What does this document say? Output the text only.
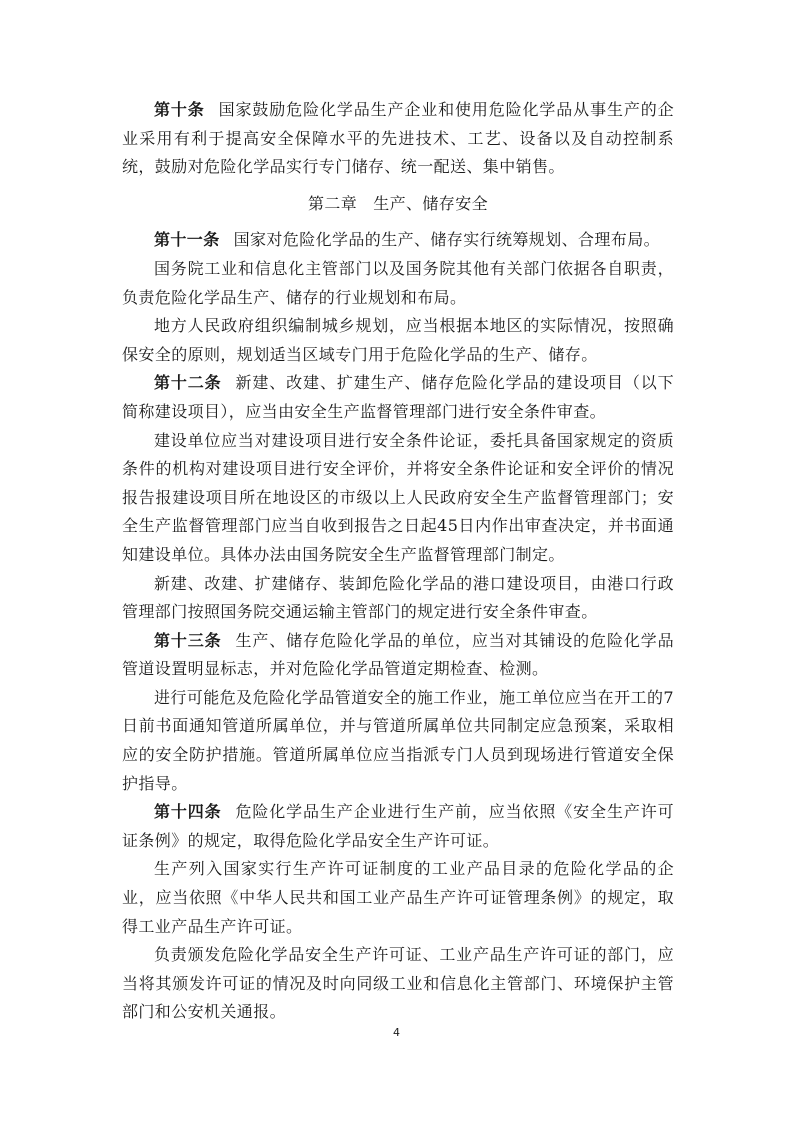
第十条 国家鼓励危险化学品生产企业和使用危险化学品从事生产的企业采用有利于提高安全保障水平的先进技术、工艺、设备以及自动控制系统，鼓励对危险化学品实行专门储存、统一配送、集中销售。

第二章 生产、储存安全

第十一条 国家对危险化学品的生产、储存实行统筹规划、合理布局。

国务院工业和信息化主管部门以及国务院其他有关部门依据各自职责，负责危险化学品生产、储存的行业规划和布局。

地方人民政府组织编制城乡规划，应当根据本地区的实际情况，按照确保安全的原则，规划适当区域专门用于危险化学品的生产、储存。

第十二条 新建、改建、扩建生产、储存危险化学品的建设项目（以下简称建设项目），应当由安全生产监督管理部门进行安全条件审查。

建设单位应当对建设项目进行安全条件论证，委托具备国家规定的资质条件的机构对建设项目进行安全评价，并将安全条件论证和安全评价的情况报告报建设项目所在地设区的市级以上人民政府安全生产监督管理部门；安全生产监督管理部门应当自收到报告之日起45日内作出审查决定，并书面通知建设单位。具体办法由国务院安全生产监督管理部门制定。

新建、改建、扩建储存、装卸危险化学品的港口建设项目，由港口行政管理部门按照国务院交通运输主管部门的规定进行安全条件审查。

第十三条 生产、储存危险化学品的单位，应当对其铺设的危险化学品管道设置明显标志，并对危险化学品管道定期检查、检测。

进行可能危及危险化学品管道安全的施工作业，施工单位应当在开工的7日前书面通知管道所属单位，并与管道所属单位共同制定应急预案，采取相应的安全防护措施。管道所属单位应当指派专门人员到现场进行管道安全保护指导。

第十四条 危险化学品生产企业进行生产前，应当依照《安全生产许可证条例》的规定，取得危险化学品安全生产许可证。

生产列入国家实行生产许可证制度的工业产品目录的危险化学品的企业，应当依照《中华人民共和国工业产品生产许可证管理条例》的规定，取得工业产品生产许可证。

负责颁发危险化学品安全生产许可证、工业产品生产许可证的部门，应当将其颁发许可证的情况及时向同级工业和信息化主管部门、环境保护主管部门和公安机关通报。

4
